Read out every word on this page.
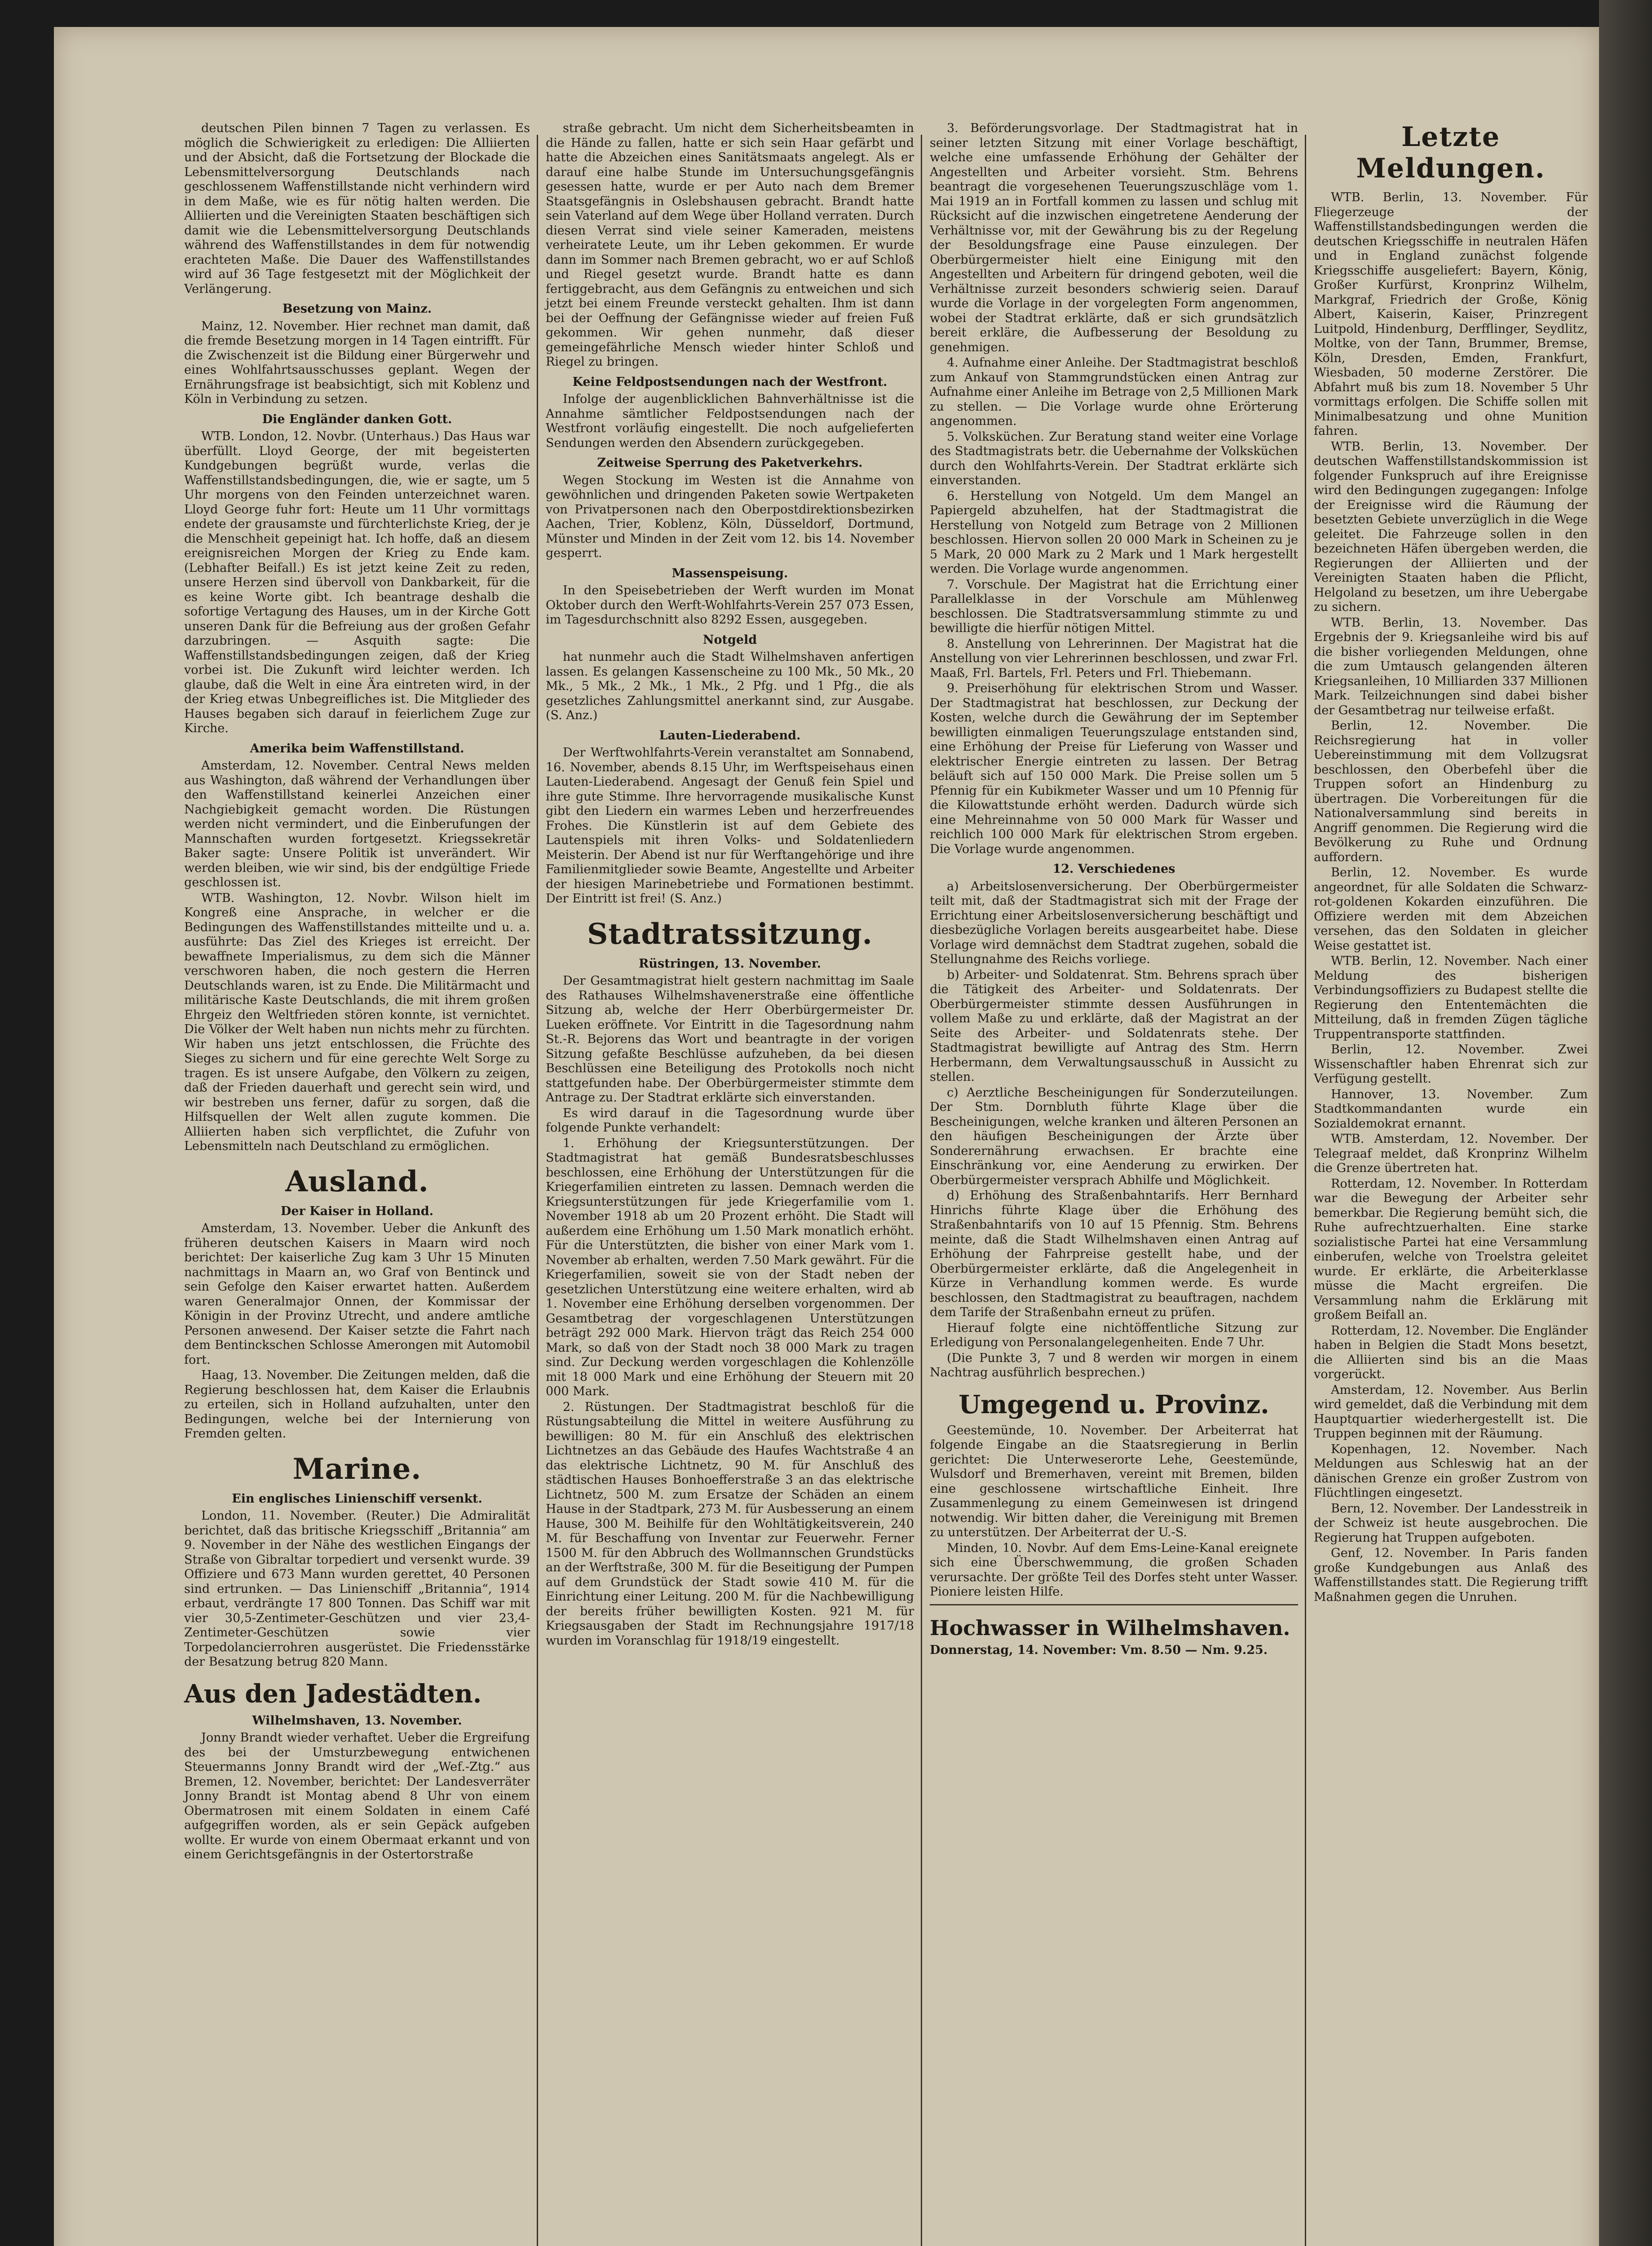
deutschen Pilen binnen 7 Tagen zu verlassen. Es möglich die Schwierigkeit zu erledigen: Die Alliierten und der Absicht, daß die Fortsetzung der Blockade die Lebensmittelversorgung Deutschlands nach geschlossenem Waffenstillstande nicht verhindern wird in dem Maße, wie es für nötig halten werden. Die Alliierten und die Vereinigten Staaten beschäftigen sich damit wie die Lebensmittelversorgung Deutschlands während des Waffenstillstandes in dem für notwendig erachteten Maße. Die Dauer des Waffenstillstandes wird auf 36 Tage festgesetzt mit der Möglichkeit der Verlängerung.

Besetzung von Mainz.

Mainz, 12. November. Hier rechnet man damit, daß die fremde Besetzung morgen in 14 Tagen eintrifft. Für die Zwischenzeit ist die Bildung einer Bürgerwehr und eines Wohlfahrtsausschusses geplant. Wegen der Ernährungsfrage ist beabsichtigt, sich mit Koblenz und Köln in Verbindung zu setzen.

Die Engländer danken Gott.

WTB. London, 12. Novbr. (Unterhaus.) Das Haus war überfüllt. Lloyd George, der mit begeisterten Kundgebungen begrüßt wurde, verlas die Waffenstillstandsbedingungen, die, wie er sagte, um 5 Uhr morgens von den Feinden unterzeichnet waren. Lloyd George fuhr fort: Heute um 11 Uhr vormittags endete der grausamste und fürchterlichste Krieg, der je die Menschheit gepeinigt hat. Ich hoffe, daß an diesem ereignisreichen Morgen der Krieg zu Ende kam. (Lebhafter Beifall.) Es ist jetzt keine Zeit zu reden, unsere Herzen sind übervoll von Dankbarkeit, für die es keine Worte gibt. Ich beantrage deshalb die sofortige Vertagung des Hauses, um in der Kirche Gott unseren Dank für die Befreiung aus der großen Gefahr darzubringen. — Asquith sagte: Die Waffenstillstandsbedingungen zeigen, daß der Krieg vorbei ist. Die Zukunft wird leichter werden. Ich glaube, daß die Welt in eine Ära eintreten wird, in der der Krieg etwas Unbegreifliches ist. Die Mitglieder des Hauses begaben sich darauf in feierlichem Zuge zur Kirche.

Amerika beim Waffenstillstand.

Amsterdam, 12. November. Central News melden aus Washington, daß während der Verhandlungen über den Waffenstillstand keinerlei Anzeichen einer Nachgiebigkeit gemacht worden. Die Rüstungen werden nicht vermindert, und die Einberufungen der Mannschaften wurden fortgesetzt. Kriegssekretär Baker sagte: Unsere Politik ist unverändert. Wir werden bleiben, wie wir sind, bis der endgültige Friede geschlossen ist.

WTB. Washington, 12. Novbr. Wilson hielt im Kongreß eine Ansprache, in welcher er die Bedingungen des Waffenstillstandes mitteilte und u. a. ausführte: Das Ziel des Krieges ist erreicht. Der bewaffnete Imperialismus, zu dem sich die Männer verschworen haben, die noch gestern die Herren Deutschlands waren, ist zu Ende. Die Militärmacht und militärische Kaste Deutschlands, die mit ihrem großen Ehrgeiz den Weltfrieden stören konnte, ist vernichtet. Die Völker der Welt haben nun nichts mehr zu fürchten. Wir haben uns jetzt entschlossen, die Früchte des Sieges zu sichern und für eine gerechte Welt Sorge zu tragen. Es ist unsere Aufgabe, den Völkern zu zeigen, daß der Frieden dauerhaft und gerecht sein wird, und wir bestreben uns ferner, dafür zu sorgen, daß die Hilfsquellen der Welt allen zugute kommen. Die Alliierten haben sich verpflichtet, die Zufuhr von Lebensmitteln nach Deutschland zu ermöglichen.

Ausland.
Der Kaiser in Holland.

Amsterdam, 13. November. Ueber die Ankunft des früheren deutschen Kaisers in Maarn wird noch berichtet: Der kaiserliche Zug kam 3 Uhr 15 Minuten nachmittags in Maarn an, wo Graf von Bentinck und sein Gefolge den Kaiser erwartet hatten. Außerdem waren Generalmajor Onnen, der Kommissar der Königin in der Provinz Utrecht, und andere amtliche Personen anwesend. Der Kaiser setzte die Fahrt nach dem Bentinckschen Schlosse Amerongen mit Automobil fort.

Haag, 13. November. Die Zeitungen melden, daß die Regierung beschlossen hat, dem Kaiser die Erlaubnis zu erteilen, sich in Holland aufzuhalten, unter den Bedingungen, welche bei der Internierung von Fremden gelten.

Marine.
Ein englisches Linienschiff versenkt.

London, 11. November. (Reuter.) Die Admiralität berichtet, daß das britische Kriegsschiff „Britannia“ am 9. November in der Nähe des westlichen Eingangs der Straße von Gibraltar torpediert und versenkt wurde. 39 Offiziere und 673 Mann wurden gerettet, 40 Personen sind ertrunken. — Das Linienschiff „Britannia“, 1914 erbaut, verdrängte 17 800 Tonnen. Das Schiff war mit vier 30,5-Zentimeter-Geschützen und vier 23,4-Zentimeter-Geschützen sowie vier Torpedolancierrohren ausgerüstet. Die Friedensstärke der Besatzung betrug 820 Mann.

Aus den Jadestädten.
Wilhelmshaven, 13. November.

Jonny Brandt wieder verhaftet. Ueber die Ergreifung des bei der Umsturzbewegung entwichenen Steuermanns Jonny Brandt wird der „Wef.-Ztg.“ aus Bremen, 12. November, berichtet: Der Landesverräter Jonny Brandt ist Montag abend 8 Uhr von einem Obermatrosen mit einem Soldaten in einem Café aufgegriffen worden, als er sein Gepäck aufgeben wollte. Er wurde von einem Obermaat erkannt und von einem Gerichtsgefängnis in der Ostertorstraße

straße gebracht. Um nicht dem Sicherheitsbeamten in die Hände zu fallen, hatte er sich sein Haar gefärbt und hatte die Abzeichen eines Sanitätsmaats angelegt. Als er darauf eine halbe Stunde im Untersuchungsgefängnis gesessen hatte, wurde er per Auto nach dem Bremer Staatsgefängnis in Oslebshausen gebracht. Brandt hatte sein Vaterland auf dem Wege über Holland verraten. Durch diesen Verrat sind viele seiner Kameraden, meistens verheiratete Leute, um ihr Leben gekommen. Er wurde dann im Sommer nach Bremen gebracht, wo er auf Schloß und Riegel gesetzt wurde. Brandt hatte es dann fertiggebracht, aus dem Gefängnis zu entweichen und sich jetzt bei einem Freunde versteckt gehalten. Ihm ist dann bei der Oeffnung der Gefängnisse wieder auf freien Fuß gekommen. Wir gehen nunmehr, daß dieser gemeingefährliche Mensch wieder hinter Schloß und Riegel zu bringen.

Keine Feldpostsendungen nach der Westfront.

Infolge der augenblicklichen Bahnverhältnisse ist die Annahme sämtlicher Feldpostsendungen nach der Westfront vorläufig eingestellt. Die noch aufgelieferten Sendungen werden den Absendern zurückgegeben.

Zeitweise Sperrung des Paketverkehrs.

Wegen Stockung im Westen ist die Annahme von gewöhnlichen und dringenden Paketen sowie Wertpaketen von Privatpersonen nach den Oberpostdirektionsbezirken Aachen, Trier, Koblenz, Köln, Düsseldorf, Dortmund, Münster und Minden in der Zeit vom 12. bis 14. November gesperrt.

Massenspeisung.

In den Speisebetrieben der Werft wurden im Monat Oktober durch den Werft-Wohlfahrts-Verein 257 073 Essen, im Tagesdurchschnitt also 8292 Essen, ausgegeben.

Notgeld

hat nunmehr auch die Stadt Wilhelmshaven anfertigen lassen. Es gelangen Kassenscheine zu 100 Mk., 50 Mk., 20 Mk., 5 Mk., 2 Mk., 1 Mk., 2 Pfg. und 1 Pfg., die als gesetzliches Zahlungsmittel anerkannt sind, zur Ausgabe. (S. Anz.)

Lauten-Liederabend.

Der Werftwohlfahrts-Verein veranstaltet am Sonnabend, 16. November, abends 8.15 Uhr, im Werftspeisehaus einen Lauten-Liederabend. Angesagt der Genuß fein Spiel und ihre gute Stimme. Ihre hervorragende musikalische Kunst gibt den Liedern ein warmes Leben und herzerfreuendes Frohes. Die Künstlerin ist auf dem Gebiete des Lautenspiels mit ihren Volks- und Soldatenliedern Meisterin. Der Abend ist nur für Werftangehörige und ihre Familienmitglieder sowie Beamte, Angestellte und Arbeiter der hiesigen Marinebetriebe und Formationen bestimmt. Der Eintritt ist frei! (S. Anz.)

Stadtratssitzung.
Rüstringen, 13. November.

Der Gesamtmagistrat hielt gestern nachmittag im Saale des Rathauses Wilhelmshavenerstraße eine öffentliche Sitzung ab, welche der Herr Oberbürgermeister Dr. Lueken eröffnete. Vor Eintritt in die Tagesordnung nahm St.-R. Bejorens das Wort und beantragte in der vorigen Sitzung gefaßte Beschlüsse aufzuheben, da bei diesen Beschlüssen eine Beteiligung des Protokolls noch nicht stattgefunden habe. Der Oberbürgermeister stimmte dem Antrage zu. Der Stadtrat erklärte sich einverstanden.

Es wird darauf in die Tagesordnung wurde über folgende Punkte verhandelt:

1. Erhöhung der Kriegsunterstützungen. Der Stadtmagistrat hat gemäß Bundesratsbeschlusses beschlossen, eine Erhöhung der Unterstützungen für die Kriegerfamilien eintreten zu lassen. Demnach werden die Kriegsunterstützungen für jede Kriegerfamilie vom 1. November 1918 ab um 20 Prozent erhöht. Die Stadt will außerdem eine Erhöhung um 1.50 Mark monatlich erhöht. Für die Unterstützten, die bisher von einer Mark vom 1. November ab erhalten, werden 7.50 Mark gewährt. Für die Kriegerfamilien, soweit sie von der Stadt neben der gesetzlichen Unterstützung eine weitere erhalten, wird ab 1. November eine Erhöhung derselben vorgenommen. Der Gesamtbetrag der vorgeschlagenen Unterstützungen beträgt 292 000 Mark. Hiervon trägt das Reich 254 000 Mark, so daß von der Stadt noch 38 000 Mark zu tragen sind. Zur Deckung werden vorgeschlagen die Kohlenzölle mit 18 000 Mark und eine Erhöhung der Steuern mit 20 000 Mark.

2. Rüstungen. Der Stadtmagistrat beschloß für die Rüstungsabteilung die Mittel in weitere Ausführung zu bewilligen: 80 M. für ein Anschluß des elektrischen Lichtnetzes an das Gebäude des Haufes Wachtstraße 4 an das elektrische Lichtnetz, 90 M. für Anschluß des städtischen Hauses Bonhoefferstraße 3 an das elektrische Lichtnetz, 500 M. zum Ersatze der Schäden an einem Hause in der Stadtpark, 273 M. für Ausbesserung an einem Hause, 300 M. Beihilfe für den Wohltätigkeitsverein, 240 M. für Beschaffung von Inventar zur Feuerwehr. Ferner 1500 M. für den Abbruch des Wollmannschen Grundstücks an der Werftstraße, 300 M. für die Beseitigung der Pumpen auf dem Grundstück der Stadt sowie 410 M. für die Einrichtung einer Leitung. 200 M. für die Nachbewilligung der bereits früher bewilligten Kosten. 921 M. für Kriegsausgaben der Stadt im Rechnungsjahre 1917/18 wurden im Voranschlag für 1918/19 eingestellt.

3. Beförderungsvorlage. Der Stadtmagistrat hat in seiner letzten Sitzung mit einer Vorlage beschäftigt, welche eine umfassende Erhöhung der Gehälter der Angestellten und Arbeiter vorsieht. Stm. Behrens beantragt die vorgesehenen Teuerungszuschläge vom 1. Mai 1919 an in Fortfall kommen zu lassen und schlug mit Rücksicht auf die inzwischen eingetretene Aenderung der Verhältnisse vor, mit der Gewährung bis zu der Regelung der Besoldungsfrage eine Pause einzulegen. Der Oberbürgermeister hielt eine Einigung mit den Angestellten und Arbeitern für dringend geboten, weil die Verhältnisse zurzeit besonders schwierig seien. Darauf wurde die Vorlage in der vorgelegten Form angenommen, wobei der Stadtrat erklärte, daß er sich grundsätzlich bereit erkläre, die Aufbesserung der Besoldung zu genehmigen.

4. Aufnahme einer Anleihe. Der Stadtmagistrat beschloß zum Ankauf von Stammgrundstücken einen Antrag zur Aufnahme einer Anleihe im Betrage von 2,5 Millionen Mark zu stellen. — Die Vorlage wurde ohne Erörterung angenommen.

5. Volksküchen. Zur Beratung stand weiter eine Vorlage des Stadtmagistrats betr. die Uebernahme der Volksküchen durch den Wohlfahrts-Verein. Der Stadtrat erklärte sich einverstanden.

6. Herstellung von Notgeld. Um dem Mangel an Papiergeld abzuhelfen, hat der Stadtmagistrat die Herstellung von Notgeld zum Betrage von 2 Millionen beschlossen. Hiervon sollen 20 000 Mark in Scheinen zu je 5 Mark, 20 000 Mark zu 2 Mark und 1 Mark hergestellt werden. Die Vorlage wurde angenommen.

7. Vorschule. Der Magistrat hat die Errichtung einer Parallelklasse in der Vorschule am Mühlenweg beschlossen. Die Stadtratsversammlung stimmte zu und bewilligte die hierfür nötigen Mittel.

8. Anstellung von Lehrerinnen. Der Magistrat hat die Anstellung von vier Lehrerinnen beschlossen, und zwar Frl. Maaß, Frl. Bartels, Frl. Peters und Frl. Thiebemann.

9. Preiserhöhung für elektrischen Strom und Wasser. Der Stadtmagistrat hat beschlossen, zur Deckung der Kosten, welche durch die Gewährung der im September bewilligten einmaligen Teuerungszulage entstanden sind, eine Erhöhung der Preise für Lieferung von Wasser und elektrischer Energie eintreten zu lassen. Der Betrag beläuft sich auf 150 000 Mark. Die Preise sollen um 5 Pfennig für ein Kubikmeter Wasser und um 10 Pfennig für die Kilowattstunde erhöht werden. Dadurch würde sich eine Mehreinnahme von 50 000 Mark für Wasser und reichlich 100 000 Mark für elektrischen Strom ergeben. Die Vorlage wurde angenommen.

12. Verschiedenes

a) Arbeitslosenversicherung. Der Oberbürgermeister teilt mit, daß der Stadtmagistrat sich mit der Frage der Errichtung einer Arbeitslosenversicherung beschäftigt und diesbezügliche Vorlagen bereits ausgearbeitet habe. Diese Vorlage wird demnächst dem Stadtrat zugehen, sobald die Stellungnahme des Reichs vorliege.

b) Arbeiter- und Soldatenrat. Stm. Behrens sprach über die Tätigkeit des Arbeiter- und Soldatenrats. Der Oberbürgermeister stimmte dessen Ausführungen in vollem Maße zu und erklärte, daß der Magistrat an der Seite des Arbeiter- und Soldatenrats stehe. Der Stadtmagistrat bewilligte auf Antrag des Stm. Herrn Herbermann, dem Verwaltungsausschuß in Aussicht zu stellen.

c) Aerztliche Bescheinigungen für Sonderzuteilungen. Der Stm. Dornbluth führte Klage über die Bescheinigungen, welche kranken und älteren Personen an den häufigen Bescheinigungen der Ärzte über Sonderernährung erwachsen. Er brachte eine Einschränkung vor, eine Aenderung zu erwirken. Der Oberbürgermeister versprach Abhilfe und Möglichkeit.

d) Erhöhung des Straßenbahntarifs. Herr Bernhard Hinrichs führte Klage über die Erhöhung des Straßenbahntarifs von 10 auf 15 Pfennig. Stm. Behrens meinte, daß die Stadt Wilhelmshaven einen Antrag auf Erhöhung der Fahrpreise gestellt habe, und der Oberbürgermeister erklärte, daß die Angelegenheit in Kürze in Verhandlung kommen werde. Es wurde beschlossen, den Stadtmagistrat zu beauftragen, nachdem dem Tarife der Straßenbahn erneut zu prüfen.

Hierauf folgte eine nichtöffentliche Sitzung zur Erledigung von Personalangelegenheiten. Ende 7 Uhr.

(Die Punkte 3, 7 und 8 werden wir morgen in einem Nachtrag ausführlich besprechen.)

Umgegend u. Provinz.

Geestemünde, 10. November. Der Arbeiterrat hat folgende Eingabe an die Staatsregierung in Berlin gerichtet: Die Unterweserorte Lehe, Geestemünde, Wulsdorf und Bremerhaven, vereint mit Bremen, bilden eine geschlossene wirtschaftliche Einheit. Ihre Zusammenlegung zu einem Gemeinwesen ist dringend notwendig. Wir bitten daher, die Vereinigung mit Bremen zu unterstützen. Der Arbeiterrat der U.-S.

Minden, 10. Novbr. Auf dem Ems-Leine-Kanal ereignete sich eine Überschwemmung, die großen Schaden verursachte. Der größte Teil des Dorfes steht unter Wasser. Pioniere leisten Hilfe.

Hochwasser in Wilhelmshaven.
Donnerstag, 14. November: Vm. 8.50 — Nm. 9.25.
Letzte Meldungen.

WTB. Berlin, 13. November. Für Fliegerzeuge der Waffenstillstandsbedingungen werden die deutschen Kriegsschiffe in neutralen Häfen und in England zunächst folgende Kriegsschiffe ausgeliefert: Bayern, König, Großer Kurfürst, Kronprinz Wilhelm, Markgraf, Friedrich der Große, König Albert, Kaiserin, Kaiser, Prinzregent Luitpold, Hindenburg, Derfflinger, Seydlitz, Moltke, von der Tann, Brummer, Bremse, Köln, Dresden, Emden, Frankfurt, Wiesbaden, 50 moderne Zerstörer. Die Abfahrt muß bis zum 18. November 5 Uhr vormittags erfolgen. Die Schiffe sollen mit Minimalbesatzung und ohne Munition fahren.

WTB. Berlin, 13. November. Der deutschen Waffenstillstandskommission ist folgender Funkspruch auf ihre Ereignisse wird den Bedingungen zugegangen: Infolge der Ereignisse wird die Räumung der besetzten Gebiete unverzüglich in die Wege geleitet. Die Fahrzeuge sollen in den bezeichneten Häfen übergeben werden, die Regierungen der Alliierten und der Vereinigten Staaten haben die Pflicht, Helgoland zu besetzen, um ihre Uebergabe zu sichern.

WTB. Berlin, 13. November. Das Ergebnis der 9. Kriegsanleihe wird bis auf die bisher vorliegenden Meldungen, ohne die zum Umtausch gelangenden älteren Kriegsanleihen, 10 Milliarden 337 Millionen Mark. Teilzeichnungen sind dabei bisher der Gesamtbetrag nur teilweise erfaßt.

Berlin, 12. November. Die Reichsregierung hat in voller Uebereinstimmung mit dem Vollzugsrat beschlossen, den Oberbefehl über die Truppen sofort an Hindenburg zu übertragen. Die Vorbereitungen für die Nationalversammlung sind bereits in Angriff genommen. Die Regierung wird die Bevölkerung zu Ruhe und Ordnung auffordern.

Berlin, 12. November. Es wurde angeordnet, für alle Soldaten die Schwarz-rot-goldenen Kokarden einzuführen. Die Offiziere werden mit dem Abzeichen versehen, das den Soldaten in gleicher Weise gestattet ist.

WTB. Berlin, 12. November. Nach einer Meldung des bisherigen Verbindungsoffiziers zu Budapest stellte die Regierung den Ententemächten die Mitteilung, daß in fremden Zügen tägliche Truppentransporte stattfinden.

Berlin, 12. November. Zwei Wissenschaftler haben Ehrenrat sich zur Verfügung gestellt.

Hannover, 13. November. Zum Stadtkommandanten wurde ein Sozialdemokrat ernannt.

WTB. Amsterdam, 12. November. Der Telegraaf meldet, daß Kronprinz Wilhelm die Grenze übertreten hat.

Rotterdam, 12. November. In Rotterdam war die Bewegung der Arbeiter sehr bemerkbar. Die Regierung bemüht sich, die Ruhe aufrechtzuerhalten. Eine starke sozialistische Partei hat eine Versammlung einberufen, welche von Troelstra geleitet wurde. Er erklärte, die Arbeiterklasse müsse die Macht ergreifen. Die Versammlung nahm die Erklärung mit großem Beifall an.

Rotterdam, 12. November. Die Engländer haben in Belgien die Stadt Mons besetzt, die Alliierten sind bis an die Maas vorgerückt.

Amsterdam, 12. November. Aus Berlin wird gemeldet, daß die Verbindung mit dem Hauptquartier wiederhergestellt ist. Die Truppen beginnen mit der Räumung.

Kopenhagen, 12. November. Nach Meldungen aus Schleswig hat an der dänischen Grenze ein großer Zustrom von Flüchtlingen eingesetzt.

Bern, 12. November. Der Landesstreik in der Schweiz ist heute ausgebrochen. Die Regierung hat Truppen aufgeboten.

Genf, 12. November. In Paris fanden große Kundgebungen aus Anlaß des Waffenstillstandes statt. Die Regierung trifft Maßnahmen gegen die Unruhen.
